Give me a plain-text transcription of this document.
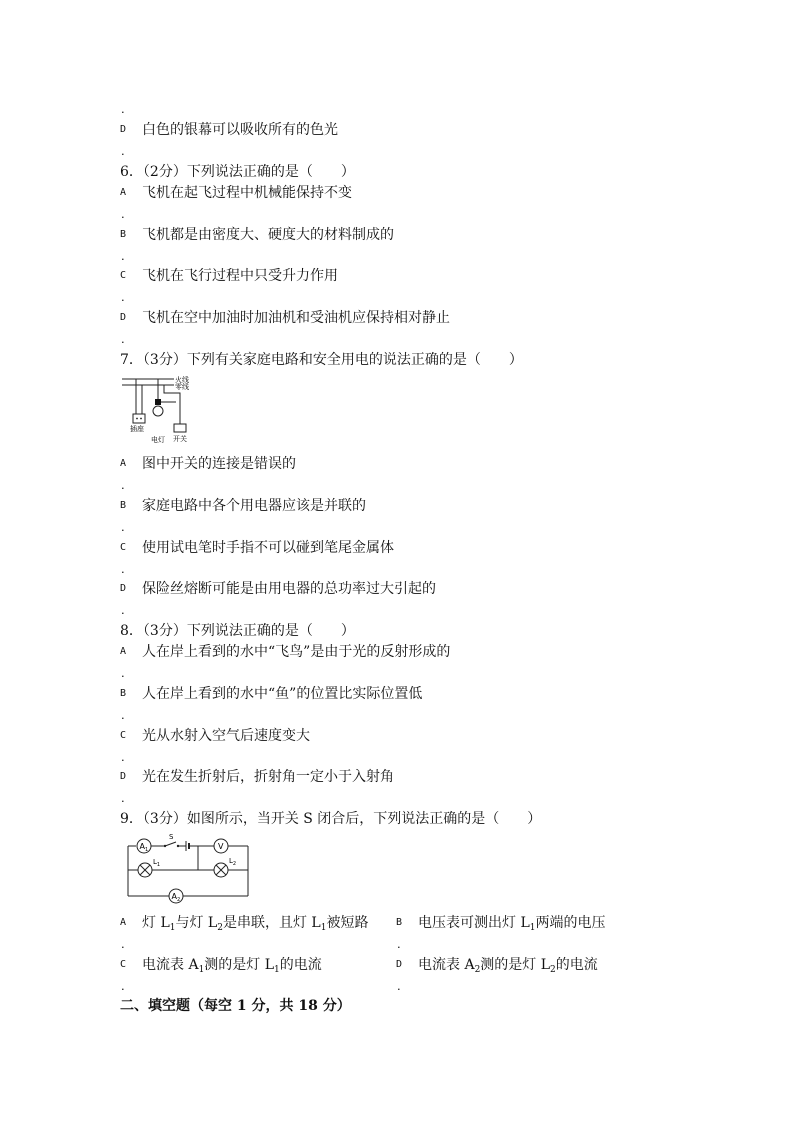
.
D 白色的银幕可以吸收所有的色光
.
6．（2分）下列说法正确的是（　　）
A 飞机在起飞过程中机械能保持不变
.
B 飞机都是由密度大、硬度大的材料制成的
.
C 飞机在飞行过程中只受升力作用
.
D 飞机在空中加油时加油机和受油机应保持相对静止
.
7．（3分）下列有关家庭电路和安全用电的说法正确的是（　　）
火线
零线
插座
电灯 开关
A 图中开关的连接是错误的
.
B 家庭电路中各个用电器应该是并联的
.
C 使用试电笔时手指不可以碰到笔尾金属体
.
D 保险丝熔断可能是由用电器的总功率过大引起的
.
8．（3分）下列说法正确的是（　　）
A 人在岸上看到的水中“飞鸟”是由于光的反射形成的
.
B 人在岸上看到的水中“鱼”的位置比实际位置低
.
C 光从水射入空气后速度变大
.
D 光在发生折射后，折射角一定小于入射角
.
9．（3分）如图所示，当开关 S 闭合后，下列说法正确的是（　　）
$A_1$
S
V
$L_1$	$L_2$
$A_2$
A 灯 $L_1$与灯 $L_2$是串联，且灯 $L_1$被短路	B 电压表可测出灯 $L_1$两端的电压
.	.
C 电流表 $A_1$测的是灯 $L_1$的电流	D 电流表 $A_2$测的是灯 $L_2$的电流
.	.
二、填空题（每空 1 分，共 18 分）
